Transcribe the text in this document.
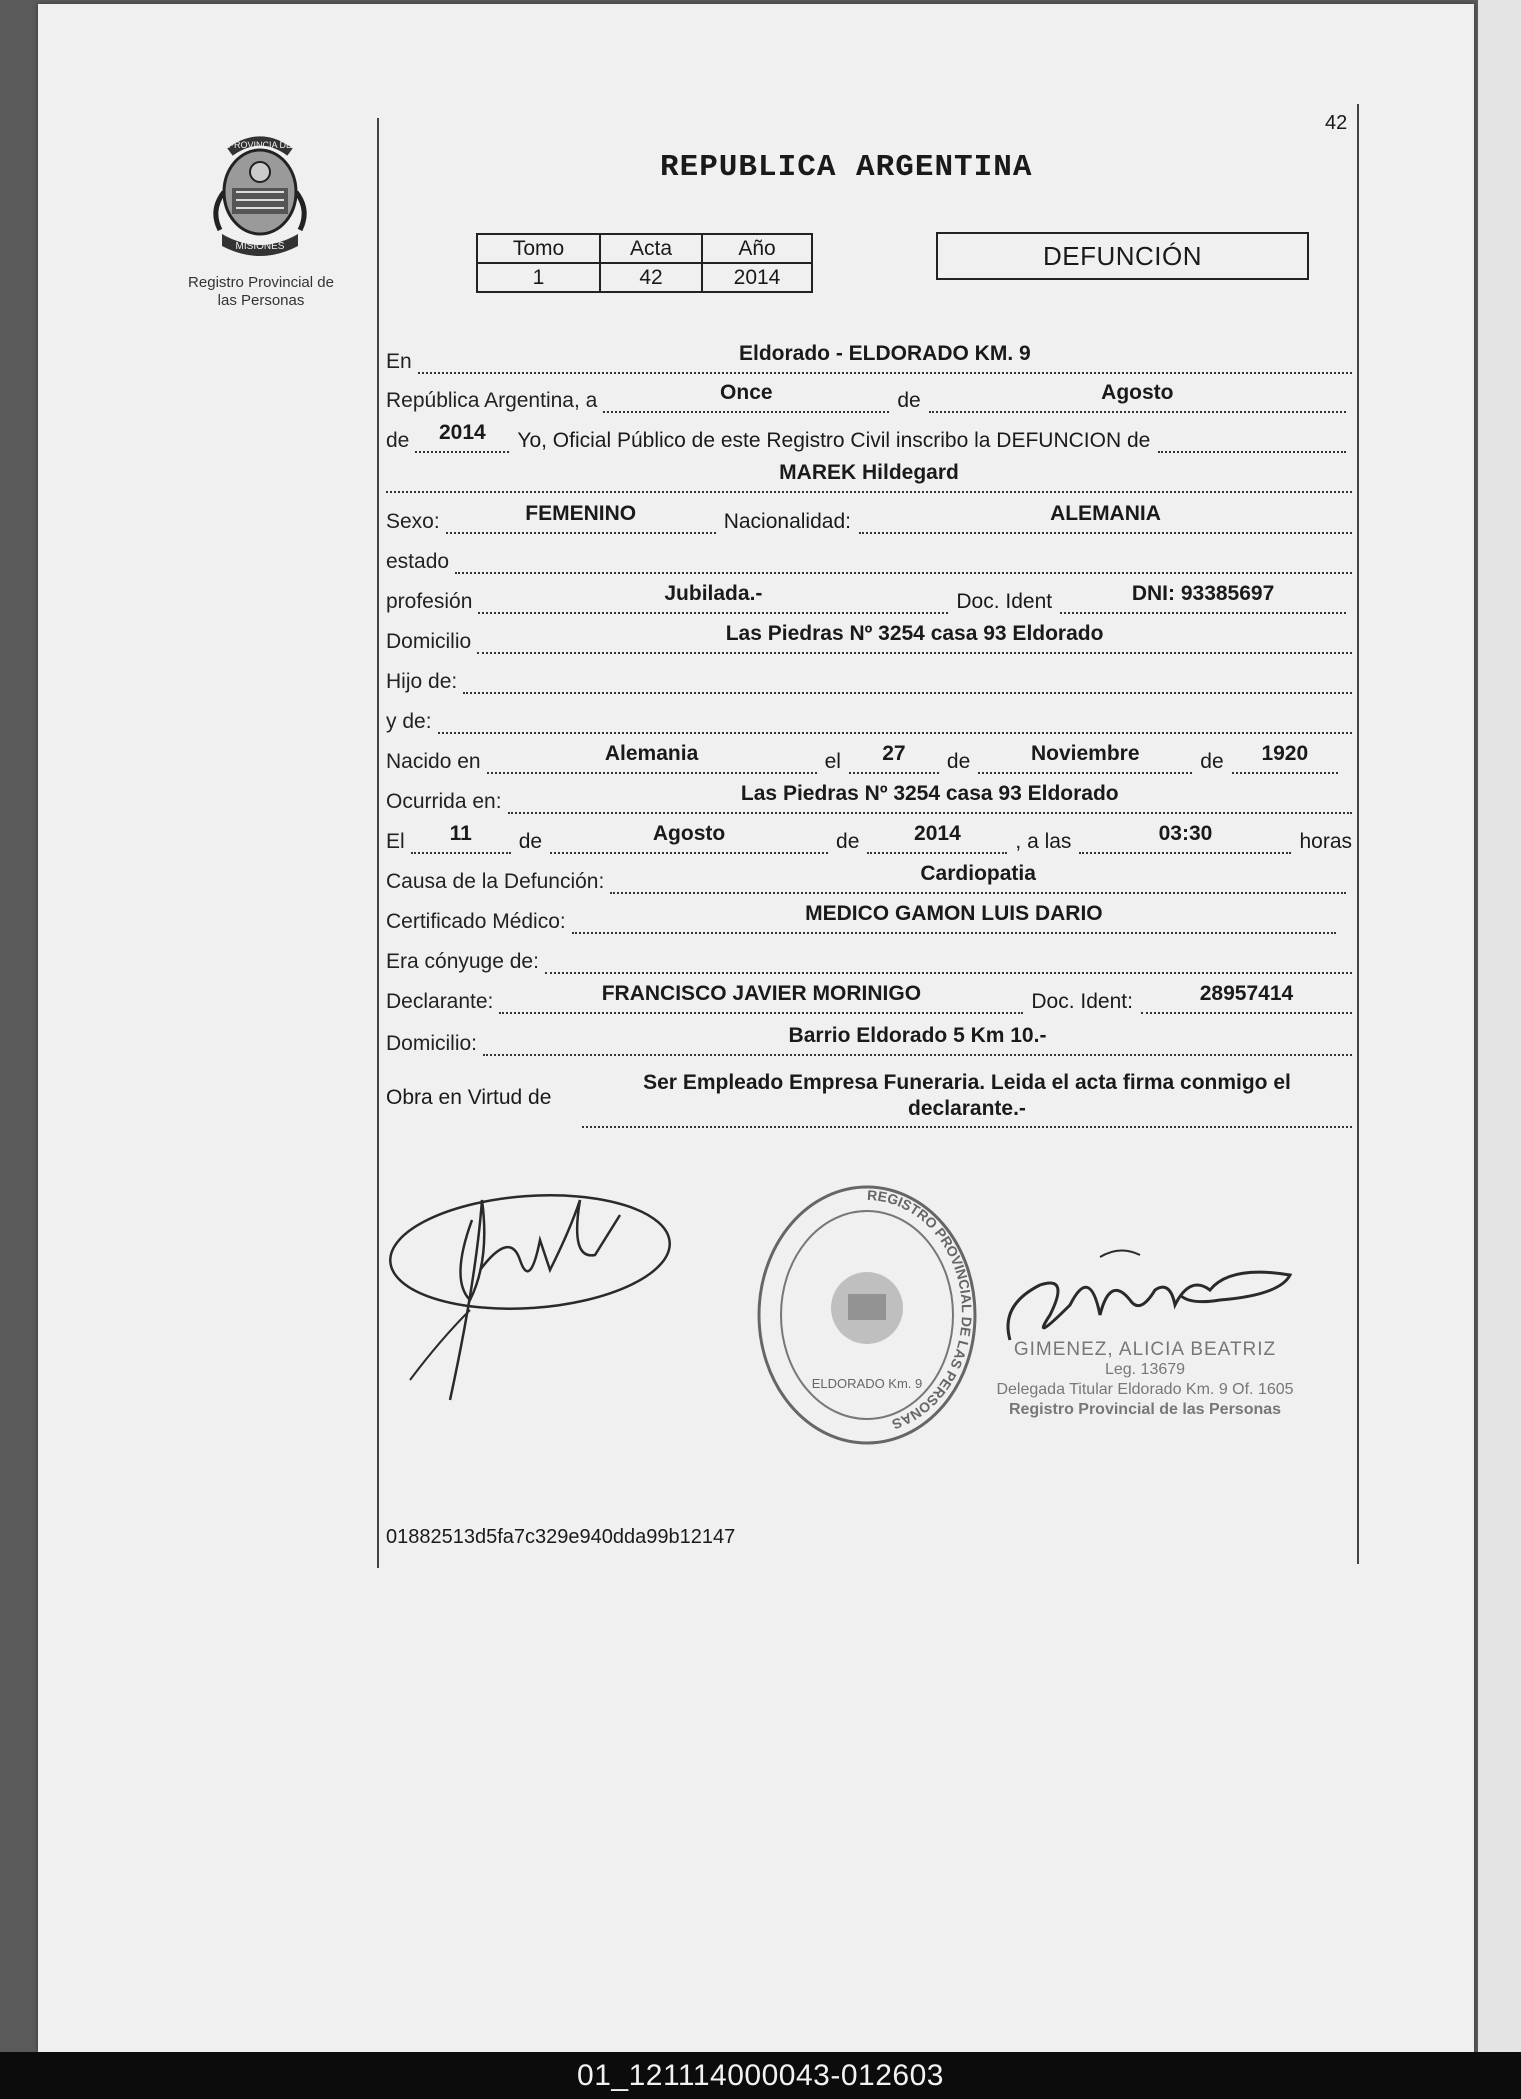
42
PROVINCIA DE
MISIONES
Registro Provincial de
las Personas
REPUBLICA ARGENTINA
Tomo	Acta	Año
1	42	2014
DEFUNCIÓN
En	Eldorado - ELDORADO KM. 9
República Argentina, a	Once	de	Agosto
de	2014	Yo, Oficial Público de este Registro Civil inscribo la DEFUNCION de
MAREK Hildegard
Sexo:	FEMENINO	Nacionalidad:	ALEMANIA
estado
profesión	Jubilada.-	Doc. Ident	DNI: 93385697
Domicilio	Las Piedras Nº 3254 casa 93 Eldorado
Hijo de:
y de:
Nacido en	Alemania	el	27	de	Noviembre	de	1920
Ocurrida en:	Las Piedras Nº 3254 casa 93 Eldorado
El	11	de	Agosto	de	2014	, a las	03:30	horas
Causa de la Defunción:	Cardiopatia
Certificado Médico:	MEDICO GAMON LUIS DARIO
Era cónyuge de:
Declarante:	FRANCISCO JAVIER MORINIGO	Doc. Ident:	28957414
Domicilio:	Barrio Eldorado 5 Km 10.-
Obra en Virtud de
Ser Empleado Empresa Funeraria. Leida el acta firma conmigo el
declarante.-
REGISTRO PROVINCIAL DE LAS PERSONAS
ELDORADO Km. 9
GIMENEZ, ALICIA BEATRIZ
Leg. 13679
Delegada Titular Eldorado Km. 9 Of. 1605
Registro Provincial de las Personas
01882513d5fa7c329e940dda99b12147
01_121114000043-012603
